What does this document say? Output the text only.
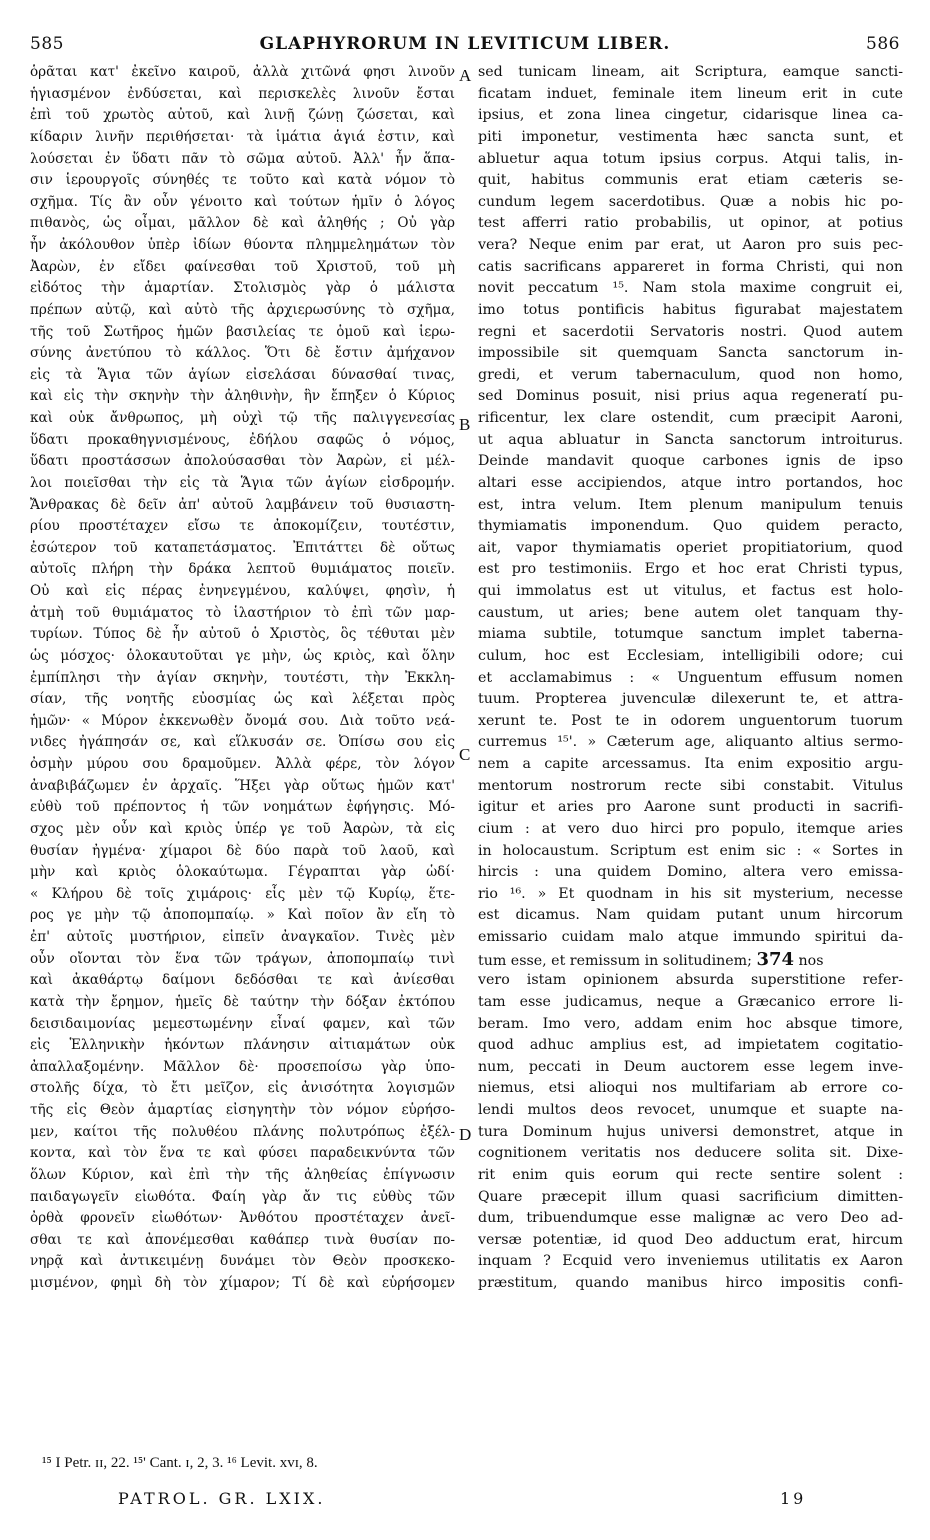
585	GLAPHYRORUM IN LEVITICUM LIBER.	586
ὁρᾶται κατ' ἐκεῖνο καιροῦ, ἀλλὰ χιτῶνά φησι λινοῦν
ἡγιασμένον ἐνδύσεται, καὶ περισκελὲς λινοῦν ἔσται
ἐπὶ τοῦ χρωτὸς αὐτοῦ, καὶ λινῇ ζώνῃ ζώσεται, καὶ
κίδαριν λινῆν περιθήσεται· τὰ ἱμάτια ἁγιά ἐστιν, καὶ
λούσεται ἐν ὕδατι πᾶν τὸ σῶμα αὐτοῦ. Ἀλλ' ἦν ἅπα-
σιν ἱερουργοῖς σύνηθές τε τοῦτο καὶ κατὰ νόμον τὸ
σχῆμα. Τίς ἂν οὖν γένοιτο καὶ τούτων ἡμῖν ὁ λόγος
πιθανὸς, ὡς οἶμαι, μᾶλλον δὲ καὶ ἀληθής ; Οὐ γὰρ
ἦν ἀκόλουθον ὑπὲρ ἰδίων θύοντα πλημμελημάτων τὸν
Ἀαρὼν, ἐν εἴδει φαίνεσθαι τοῦ Χριστοῦ, τοῦ μὴ
εἰδότος τὴν ἁμαρτίαν. Στολισμὸς γὰρ ὁ μάλιστα
πρέπων αὐτῷ, καὶ αὐτὸ τῆς ἀρχιερωσύνης τὸ σχῆμα,
τῆς τοῦ Σωτῆρος ἡμῶν βασιλείας τε ὁμοῦ καὶ ἱερω-
σύνης ἀνετύπου τὸ κάλλος. Ὅτι δὲ ἔστιν ἀμήχανον
εἰς τὰ Ἅγια τῶν ἁγίων εἰσελάσαι δύνασθαί τινας,
καὶ εἰς τὴν σκηνὴν τὴν ἀληθινὴν, ἣν ἔπηξεν ὁ Κύριος
καὶ οὐκ ἄνθρωπος, μὴ οὐχὶ τῷ τῆς παλιγγενεσίας
ὕδατι προκαθηγνισμένους, ἐδήλου σαφῶς ὁ νόμος,
ὕδατι προστάσσων ἀπολούσασθαι τὸν Ἀαρὼν, εἰ μέλ-
λοι ποιεῖσθαι τὴν εἰς τὰ Ἅγια τῶν ἁγίων εἰσδρομήν.
Ἄνθρακας δὲ δεῖν ἀπ' αὐτοῦ λαμβάνειν τοῦ θυσιαστη-
ρίου προστέταχεν εἴσω τε ἀποκομίζειν, τουτέστιν,
ἐσώτερον τοῦ καταπετάσματος. Ἐπιτάττει δὲ οὕτως
αὐτοῖς πλήρη τὴν δράκα λεπτοῦ θυμιάματος ποιεῖν.
Οὐ καὶ εἰς πέρας ἐνηνεγμένου, καλύψει, φησὶν, ἡ
ἀτμὴ τοῦ θυμιάματος τὸ ἱλαστήριον τὸ ἐπὶ τῶν μαρ-
τυρίων. Τύπος δὲ ἦν αὐτοῦ ὁ Χριστὸς, ὃς τέθυται μὲν
ὡς μόσχος· ὁλοκαυτοῦται γε μὴν, ὡς κριὸς, καὶ ὅλην
ἐμπίπλησι τὴν ἁγίαν σκηνὴν, τουτέστι, τὴν Ἐκκλη-
σίαν, τῆς νοητῆς εὐοσμίας ὡς καὶ λέξεται πρὸς
ἡμῶν· « Μύρον ἐκκενωθὲν ὄνομά σου. Διὰ τοῦτο νεά-
νιδες ἠγάπησάν σε, καὶ εἵλκυσάν σε. Ὀπίσω σου εἰς
ὀσμὴν μύρου σου δραμοῦμεν. Ἀλλὰ φέρε, τὸν λόγον
ἀναβιβάζωμεν ἐν ἀρχαῖς. Ἥξει γὰρ οὕτως ἡμῶν κατ'
εὐθὺ τοῦ πρέποντος ἡ τῶν νοημάτων ἐφήγησις. Μό-
σχος μὲν οὖν καὶ κριὸς ὑπέρ γε τοῦ Ἀαρὼν, τὰ εἰς
θυσίαν ἠγμένα· χίμαροι δὲ δύο παρὰ τοῦ λαοῦ, καὶ
μὴν καὶ κριὸς ὁλοκαύτωμα. Γέγραπται γὰρ ὡδί·
« Κλήρου δὲ τοῖς χιμάροις· εἷς μὲν τῷ Κυρίῳ, ἕτε-
ρος γε μὴν τῷ ἀποπομπαίῳ. » Καὶ ποῖον ἂν εἴη τὸ
ἐπ' αὐτοῖς μυστήριον, εἰπεῖν ἀναγκαῖον. Τινὲς μὲν
οὖν οἴονται τὸν ἕνα τῶν τράγων, ἀποπομπαίῳ τινὶ
καὶ ἀκαθάρτῳ δαίμονι δεδόσθαι τε καὶ ἀνίεσθαι
κατὰ τὴν ἔρημον, ἡμεῖς δὲ ταύτην τὴν δόξαν ἐκτόπου
δεισιδαιμονίας μεμεστωμένην εἶναί φαμεν, καὶ τῶν
εἰς Ἑλληνικὴν ἡκόντων πλάνησιν αἰτιαμάτων οὐκ
ἀπαλλαξομένην. Μᾶλλον δὲ· προσεποίσω γὰρ ὑπο-
στολῆς δίχα, τὸ ἔτι μεῖζον, εἰς ἀνισότητα λογισμῶν
τῆς εἰς Θεὸν ἁμαρτίας εἰσηγητὴν τὸν νόμον εὑρήσο-
μεν, καίτοι τῆς πολυθέου πλάνης πολυτρόπως ἐξέλ-
κοντα, καὶ τὸν ἕνα τε καὶ φύσει παραδεικνύντα τῶν
ὅλων Κύριον, καὶ ἐπὶ τὴν τῆς ἀληθείας ἐπίγνωσιν
παιδαγωγεῖν εἰωθότα. Φαίη γὰρ ἄν τις εὐθὺς τῶν
ὀρθὰ φρονεῖν εἰωθότων· Ἀνθότου προστέταχεν ἀνεῖ-
σθαι τε καὶ ἀπονέμεσθαι καθάπερ τινὰ θυσίαν πο-
νηρᾷ καὶ ἀντικειμένῃ δυνάμει τὸν Θεὸν προσκεκο-
μισμένον, φημὶ δὴ τὸν χίμαρον; Τί δὲ καὶ εὑρήσομεν
sed tunicam lineam, ait Scriptura, eamque sancti-
ficatam induet, feminale item lineum erit in cute
ipsius, et zona linea cingetur, cidarisque linea ca-
piti imponetur, vestimenta hæc sancta sunt, et
abluetur aqua totum ipsius corpus. Atqui talis, in-
quit, habitus communis erat etiam cæteris se-
cundum legem sacerdotibus. Quæ a nobis hic po-
test afferri ratio probabilis, ut opinor, at potius
vera? Neque enim par erat, ut Aaron pro suis pec-
catis sacrificans appareret in forma Christi, qui non
novit peccatum ¹⁵. Nam stola maxime congruit ei,
imo totus pontificis habitus figurabat majestatem
regni et sacerdotii Servatoris nostri. Quod autem
impossibile sit quemquam Sancta sanctorum in-
gredi, et verum tabernaculum, quod non homo,
sed Dominus posuit, nisi prius aqua regeneratí pu-
rificentur, lex clare ostendit, cum præcipit Aaroni,
ut aqua abluatur in Sancta sanctorum introiturus.
Deinde mandavit quoque carbones ignis de ipso
altari esse accipiendos, atque intro portandos, hoc
est, intra velum. Item plenum manipulum tenuis
thymiamatis imponendum. Quo quidem peracto,
ait, vapor thymiamatis operiet propitiatorium, quod
est pro testimoniis. Ergo et hoc erat Christi typus,
qui immolatus est ut vitulus, et factus est holo-
caustum, ut aries; bene autem olet tanquam thy-
miama subtile, totumque sanctum implet taberna-
culum, hoc est Ecclesiam, intelligibili odore; cui
et acclamabimus : « Unguentum effusum nomen
tuum. Propterea juvenculæ dilexerunt te, et attra-
xerunt te. Post te in odorem unguentorum tuorum
curremus ¹⁵'. » Cæterum age, aliquanto altius sermo-
nem a capite arcessamus. Ita enim expositio argu-
mentorum nostrorum recte sibi constabit. Vitulus
igitur et aries pro Aarone sunt producti in sacrifi-
cium : at vero duo hirci pro populo, itemque aries
in holocaustum. Scriptum est enim sic : « Sortes in
hircis : una quidem Domino, altera vero emissa-
rio ¹⁶. » Et quodnam in his sit mysterium, necesse
est dicamus. Nam quidam putant unum hircorum
emissario cuidam malo atque immundo spiritui da-
tum esse, et remissum in solitudinem; 374 nos
vero istam opinionem absurda superstitione refer-
tam esse judicamus, neque a Græcanico errore li-
beram. Imo vero, addam enim hoc absque timore,
quod adhuc amplius est, ad impietatem cogitatio-
num, peccati in Deum auctorem esse legem inve-
niemus, etsi alioqui nos multifariam ab errore co-
lendi multos deos revocet, unumque et suapte na-
tura Dominum hujus universi demonstret, atque in
cognitionem veritatis nos deducere solita sit. Dixe-
rit enim quis eorum qui recte sentire solent :
Quare præcepit illum quasi sacrificium dimitten-
dum, tribuendumque esse malignæ ac vero Deo ad-
versæ potentiæ, id quod Deo adductum erat, hircum
inquam ? Ecquid vero inveniemus utilitatis ex Aaron
præstitum, quando manibus hirco impositis confi-
A
B
C
D
¹⁵ I Petr. ɪɪ, 22. ¹⁵' Cant. ɪ, 2, 3. ¹⁶ Levit. xvɪ, 8.
PATROL. GR. LXIX.	19
